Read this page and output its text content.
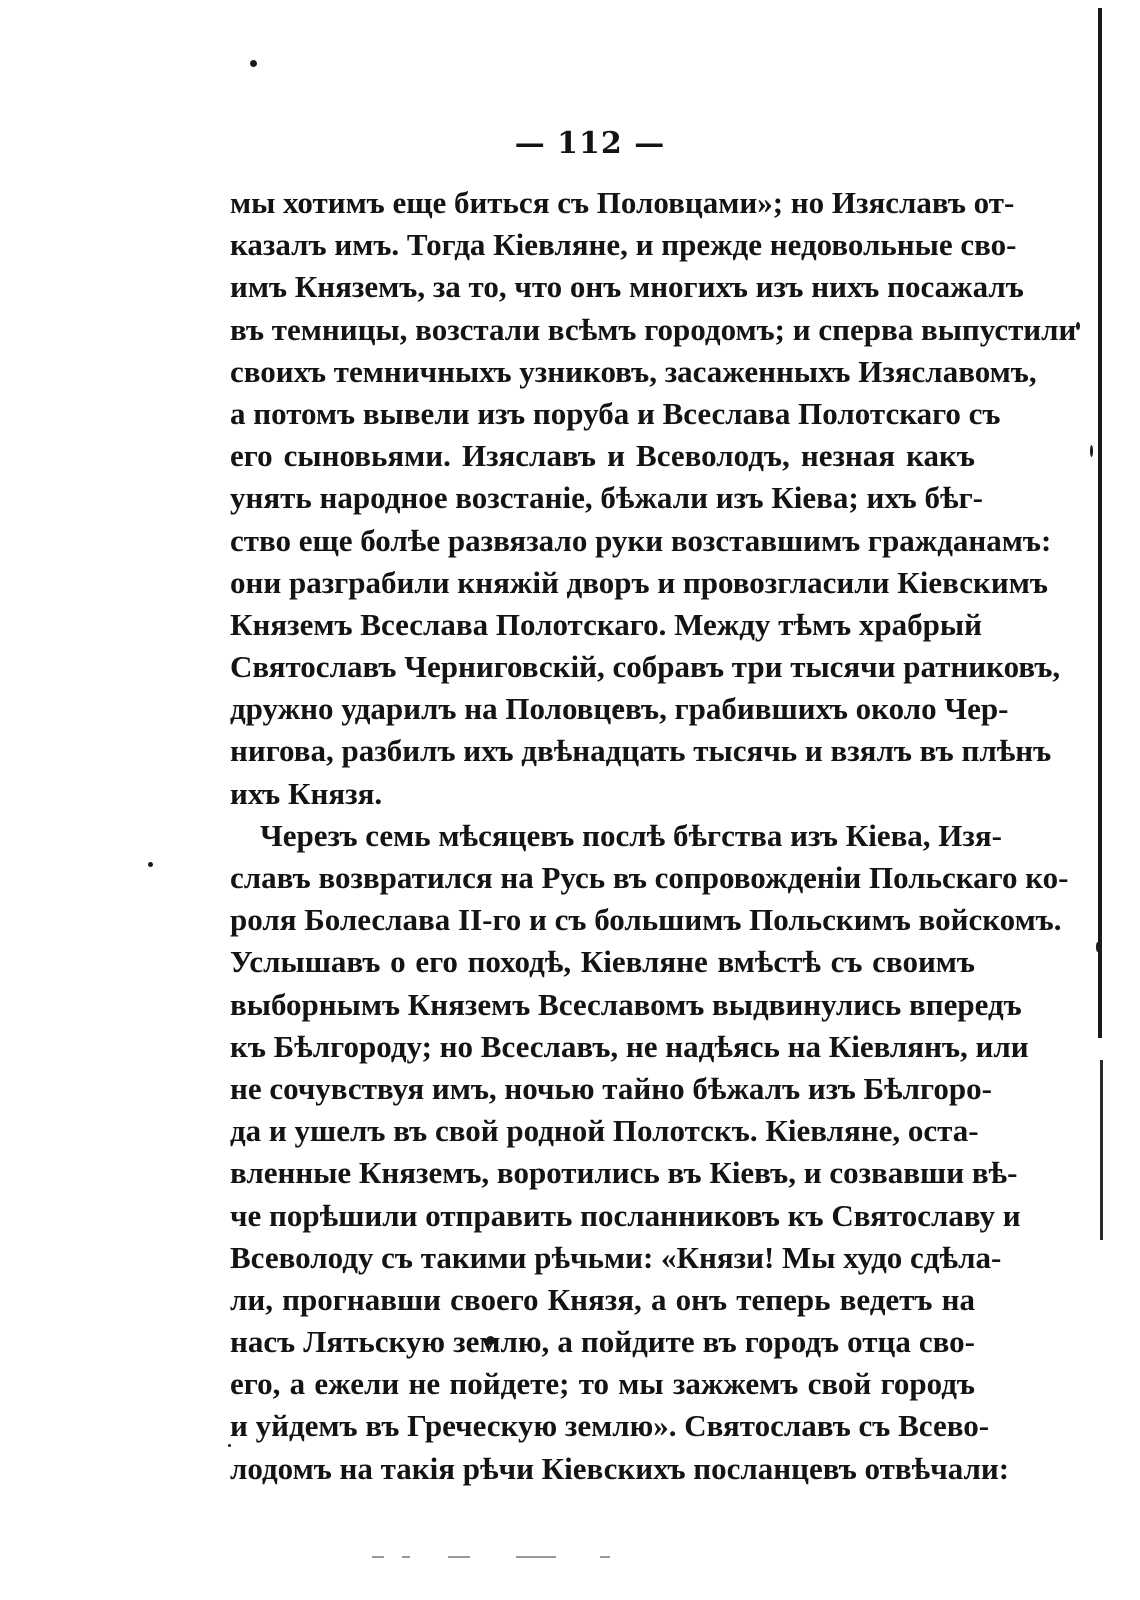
— 112 —
мы хотимъ еще биться съ Половцами»; но Изяславъ от-
казалъ имъ. Тогда Кіевляне, и прежде недовольные сво-
имъ Княземъ, за то, что онъ многихъ изъ нихъ посажалъ
въ темницы, возстали всѣмъ городомъ; и сперва выпустили
своихъ темничныхъ узниковъ, засаженныхъ Изяславомъ,
а потомъ вывели изъ поруба и Всеслава Полотскаго съ
его сыновьями. Изяславъ и Всеволодъ, незная какъ
унять народное возстаніе, бѣжали изъ Кіева; ихъ бѣг-
ство еще болѣе развязало руки возставшимъ гражданамъ:
они разграбили княжій дворъ и провозгласили Кіевскимъ
Княземъ Всеслава Полотскаго. Между тѣмъ храбрый
Святославъ Черниговскій, собравъ три тысячи ратниковъ,
дружно ударилъ на Половцевъ, грабившихъ около Чер-
нигова, разбилъ ихъ двѣнадцать тысячь и взялъ въ плѣнъ
ихъ Князя.
Черезъ семь мѣсяцевъ послѣ бѣгства изъ Кіева, Изя-
славъ возвратился на Русь въ сопровожденіи Польскаго ко-
роля Болеслава II-го и съ большимъ Польскимъ войскомъ.
Услышавъ о его походѣ, Кіевляне вмѣстѣ съ своимъ
выборнымъ Княземъ Всеславомъ выдвинулись впередъ
къ Бѣлгороду; но Всеславъ, не надѣясь на Кіевлянъ, или
не сочувствуя имъ, ночью тайно бѣжалъ изъ Бѣлгоро-
да и ушелъ въ свой родной Полотскъ. Кіевляне, оста-
вленные Княземъ, воротились въ Кіевъ, и созвавши вѣ-
че порѣшили отправить посланниковъ къ Святославу и
Всеволоду съ такими рѣчьми: «Князи! Мы худо сдѣла-
ли, прогнавши своего Князя, а онъ теперь ведетъ на
насъ Лятьскую землю, а пойдите въ городъ отца сво-
его, а ежели не пойдете; то мы зажжемъ свой городъ
и уйдемъ въ Греческую землю». Святославъ съ Всево-
лодомъ на такія рѣчи Кіевскихъ посланцевъ отвѣчали:
